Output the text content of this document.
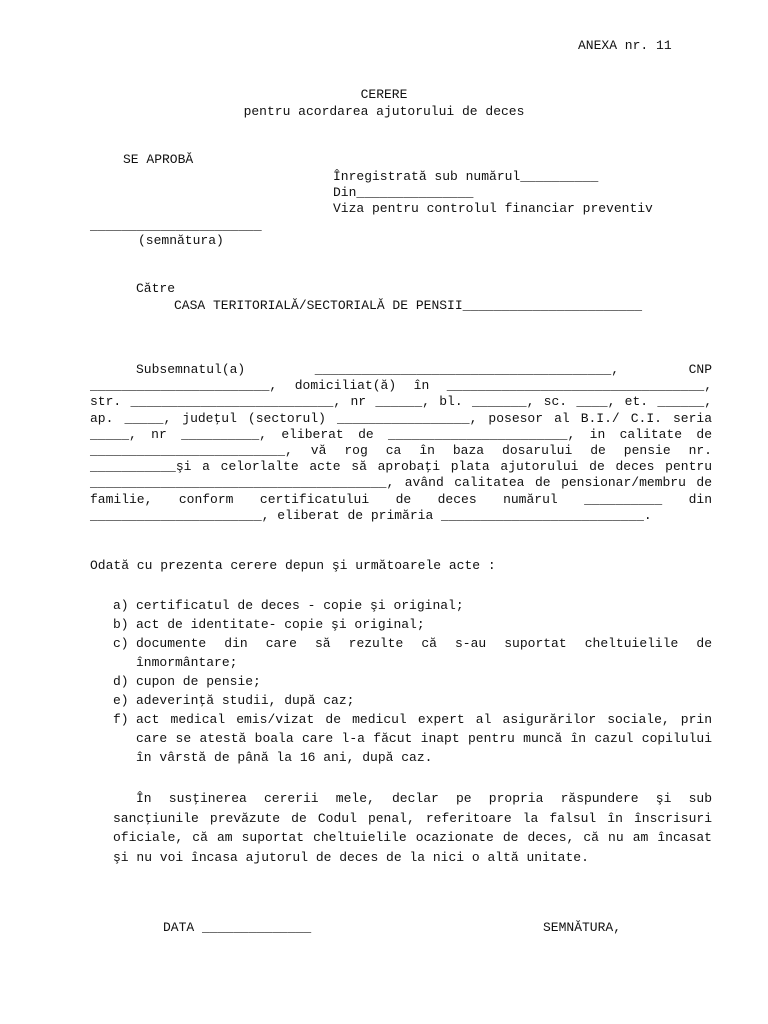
ANEXA nr. 11
CERERE
pentru acordarea ajutorului de deces
SE APROBĂ
Înregistrată sub numărul__________
Din_______________
Viza pentru controlul financiar preventiv
______________________
(semnătura)
Către
CASA TERITORIALĂ/SECTORIALĂ DE PENSII_______________________
Subsemnatul(a) ______________________________________, CNP _______________________, domiciliat(ă) în _________________________________, str. __________________________, nr ______, bl. _______, sc. ____, et. ______, ap. _____, judeţul (sectorul) _________________, posesor al B.I./ C.I. seria _____, nr __________, eliberat de _______________________, in calitate de _________________________, vă rog ca în baza dosarului de pensie nr. ___________şi a celorlalte acte să aprobaţi plata ajutorului de deces pentru ______________________________________, având calitatea de pensionar/membru de familie, conform certificatului de deces numărul __________ din ______________________, eliberat de primăria __________________________.
Odată cu prezenta cerere depun şi următoarele acte :
a) certificatul de deces - copie şi original;
b) act de identitate- copie şi original;
c) documente din care să rezulte că s-au suportat cheltuielile de înmormântare;
d) cupon de pensie;
e) adeverinţă studii, după caz;
f) act medical emis/vizat de medicul expert al asigurărilor sociale, prin care se atestă boala care l-a făcut inapt pentru muncă în cazul copilului în vârstă de până la 16 ani, după caz.
În susţinerea cererii mele, declar pe propria răspundere şi sub sancţiunile prevăzute de Codul penal, referitoare la falsul în înscrisuri oficiale, că am suportat cheltuielile ocazionate de deces, că nu am încasat şi nu voi încasa ajutorul de deces de la nici o altă unitate.
DATA ______________	SEMNĂTURA,
